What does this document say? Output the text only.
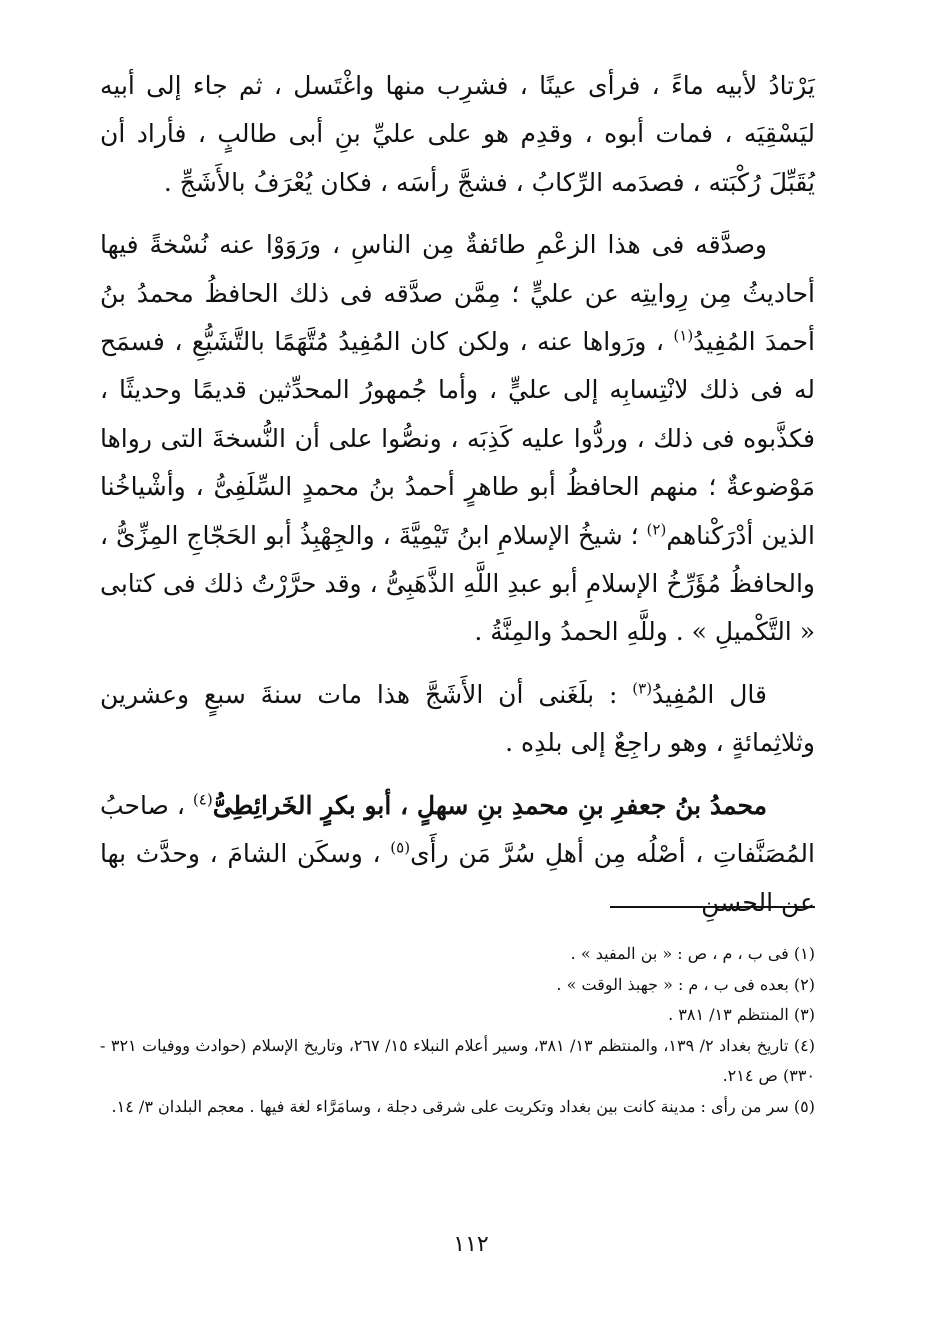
يَرْتادُ لأبيه ماءً ، فرأى عينًا ، فشرِب منها واغْتَسل ، ثم جاء إلى أبيه ليَسْقِيَه ، فمات أبوه ، وقدِم هو على عليِّ بنِ أبى طالبٍ ، فأراد أن يُقَبِّلَ رُكْبَته ، فصدَمه الرِّكابُ ، فشجَّ رأسَه ، فكان يُعْرَفُ بالأَشَجِّ .

وصدَّقه فى هذا الزعْمِ طائفةٌ مِن الناسِ ، ورَوَوْا عنه نُسْخةً فيها أحاديثُ مِن رِوايتِه عن عليٍّ ؛ مِمَّن صدَّقه فى ذلك الحافظُ محمدُ بنُ أحمدَ المُفِيدُ$^{(١)}$ ، ورَواها عنه ، ولكن كان المُفِيدُ مُتَّهَمًا بالتَّشَيُّعِ ، فسمَح له فى ذلك لانْتِسابِه إلى عليٍّ ، وأما جُمهورُ المحدِّثين قديمًا وحديثًا ، فكذَّبوه فى ذلك ، وردُّوا عليه كَذِبَه ، ونصُّوا على أن النُّسخةَ التى رواها مَوْضوعةٌ ؛ منهم الحافظُ أبو طاهرٍ أحمدُ بنُ محمدٍ السِّلَفِىُّ ، وأشْياخُنا الذين أدْرَكْناهم$^{(٢)}$ ؛ شيخُ الإسلامِ ابنُ تَيْمِيَّةَ ، والجِهْبِذُ أبو الحَجّاجِ المِزِّىُّ ، والحافظُ مُؤَرِّخُ الإسلامِ أبو عبدِ اللَّهِ الذَّهَبِىُّ ، وقد حرَّرْتُ ذلك فى كتابى « التَّكْميلِ » . وللَّهِ الحمدُ والمِنَّةُ .

قال المُفِيدُ$^{(٣)}$ : بلَغَنى أن الأَشَجَّ هذا مات سنةَ سبعٍ وعشرين وثلاثِمائةٍ ، وهو راجِعٌ إلى بلدِه .

محمدُ بنُ جعفرِ بنِ محمدِ بنِ سهلٍ ، أبو بكرٍ الخَرائِطِىُّ$^{(٤)}$ ، صاحبُ المُصَنَّفاتِ ، أصْلُه مِن أهلِ سُرَّ مَن رأَى$^{(٥)}$ ، وسكَن الشامَ ، وحدَّث بها عن الحسنِ

(١) فى ب ، م ، ص : « بن المفيد » .

(٢) بعده فى ب ، م : « جهبذ الوقت » .

(٣) المنتظم ١٣/ ٣٨١ .

(٤) تاريخ بغداد ٢/ ١٣٩، والمنتظم ١٣/ ٣٨١، وسير أعلام النبلاء ١٥/ ٢٦٧، وتاريخ الإسلام (حوادث ووفيات ٣٢١ - ٣٣٠) ص ٢١٤.

(٥) سر من رأى : مدينة كانت بين بغداد وتكريت على شرقى دجلة ، وسامَرَّاء لغة فيها . معجم البلدان ٣/ ١٤.

١١٢
